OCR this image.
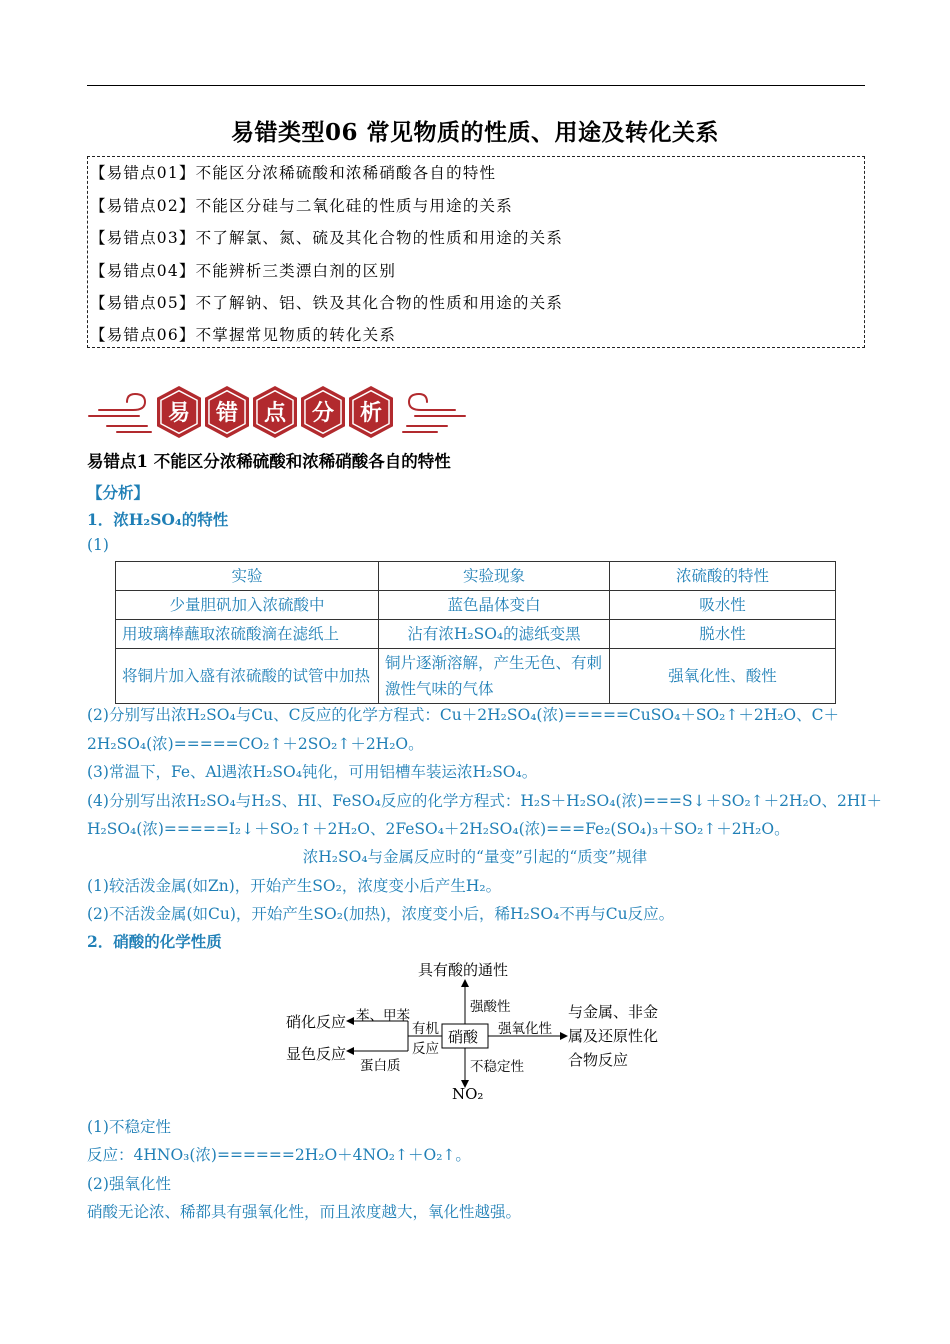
易错类型06 常见物质的性质、用途及转化关系
【易错点01】不能区分浓稀硫酸和浓稀硝酸各自的特性
【易错点02】不能区分硅与二氧化硅的性质与用途的关系
【易错点03】不了解氯、氮、硫及其化合物的性质和用途的关系
【易错点04】不能辨析三类漂白剂的区别
【易错点05】不了解钠、铝、铁及其化合物的性质和用途的关系
【易错点06】不掌握常见物质的转化关系
易 错 点 分 析
易错点1 不能区分浓稀硫酸和浓稀硝酸各自的特性
【分析】
1．浓H₂SO₄的特性
(1)
实验	实验现象	浓硫酸的特性
少量胆矾加入浓硫酸中	蓝色晶体变白	吸水性
用玻璃棒蘸取浓硫酸滴在滤纸上	沾有浓H₂SO₄的滤纸变黑	脱水性
将铜片加入盛有浓硫酸的试管中加热	铜片逐渐溶解，产生无色、有刺激性气味的气体	强氧化性、酸性
(2)分别写出浓H₂SO₄与Cu、C反应的化学方程式：Cu＋2H₂SO₄(浓)=====CuSO₄＋SO₂↑＋2H₂O、C＋
2H₂SO₄(浓)=====CO₂↑＋2SO₂↑＋2H₂O。
(3)常温下，Fe、Al遇浓H₂SO₄钝化，可用铝槽车装运浓H₂SO₄。
(4)分别写出浓H₂SO₄与H₂S、HI、FeSO₄反应的化学方程式：H₂S＋H₂SO₄(浓)===S↓＋SO₂↑＋2H₂O、2HI＋
H₂SO₄(浓)=====I₂↓＋SO₂↑＋2H₂O、2FeSO₄＋2H₂SO₄(浓)===Fe₂(SO₄)₃＋SO₂↑＋2H₂O。
浓H₂SO₄与金属反应时的“量变”引起的“质变”规律
(1)较活泼金属(如Zn)，开始产生SO₂，浓度变小后产生H₂。
(2)不活泼金属(如Cu)，开始产生SO₂(加热)，浓度变小后，稀H₂SO₄不再与Cu反应。
2．硝酸的化学性质
具有酸的通性
强酸性
硝酸 强氧化性
与金属、非金
属及还原性化
合物反应
不稳定性
NO₂
有机
反应
苯、甲苯
硝化反应
蛋白质
显色反应
(1)不稳定性
反应：4HNO₃(浓)======2H₂O＋4NO₂↑＋O₂↑。
(2)强氧化性
硝酸无论浓、稀都具有强氧化性，而且浓度越大，氧化性越强。
